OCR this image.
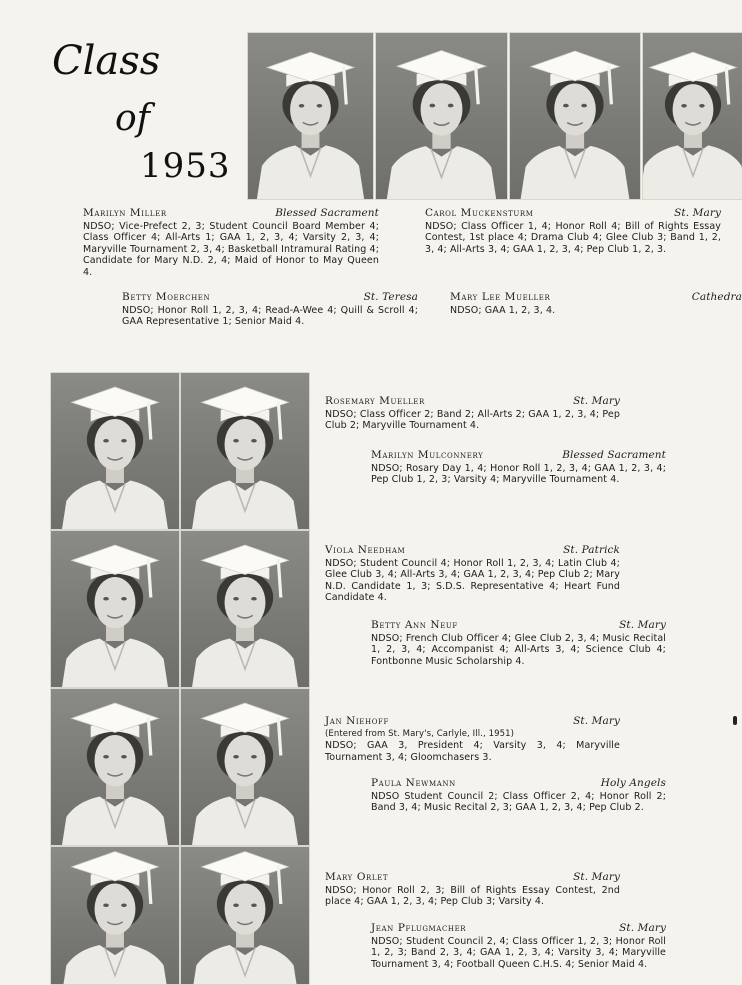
Class
of
1953
Marilyn Miller	Blessed Sacrament
NDSO; Vice-Prefect 2, 3; Student Council Board Member 4; Class Officer 4; All-Arts 1; GAA 1, 2, 3, 4; Varsity 2, 3, 4; Maryville Tournament 2, 3, 4; Basketball Intramural Rating 4; Candidate for Mary N.D. 2, 4; Maid of Honor to May Queen 4.
Carol Muckensturm	St. Mary
NDSO; Class Officer 1, 4; Honor Roll 4; Bill of Rights Essay Contest, 1st place 4; Drama Club 4; Glee Club 3; Band 1, 2, 3, 4; All-Arts 3, 4; GAA 1, 2, 3, 4; Pep Club 1, 2, 3.
Betty Moerchen	St. Teresa
NDSO; Honor Roll 1, 2, 3, 4; Read-A-Wee 4; Quill & Scroll 4; GAA Representative 1; Senior Maid 4.
Mary Lee Mueller	Cathedra
NDSO; GAA 1, 2, 3, 4.
Rosemary Mueller	St. Mary
NDSO; Class Officer 2; Band 2; All-Arts 2; GAA 1, 2, 3, 4; Pep Club 2; Maryville Tournament 4.
Marilyn Mulconnery	Blessed Sacrament
NDSO; Rosary Day 1, 4; Honor Roll 1, 2, 3, 4; GAA 1, 2, 3, 4; Pep Club 1, 2, 3; Varsity 4; Maryville Tournament 4.
Viola Needham	St. Patrick
NDSO; Student Council 4; Honor Roll 1, 2, 3, 4; Latin Club 4; Glee Club 3, 4; All-Arts 3, 4; GAA 1, 2, 3, 4; Pep Club 2; Mary N.D. Candidate 1, 3; S.D.S. Representative 4; Heart Fund Candidate 4.
Betty Ann Neuf	St. Mary
NDSO; French Club Officer 4; Glee Club 2, 3, 4; Music Recital 1, 2, 3, 4; Accompanist 4; All-Arts 3, 4; Science Club 4; Fontbonne Music Scholarship 4.
Jan Niehoff	St. Mary
(Entered from St. Mary's, Carlyle, Ill., 1951)
NDSO; GAA 3, President 4; Varsity 3, 4; Maryville Tournament 3, 4; Gloomchasers 3.
Paula Newmann	Holy Angels
NDSO Student Council 2; Class Officer 2, 4; Honor Roll 2; Band 3, 4; Music Recital 2, 3; GAA 1, 2, 3, 4; Pep Club 2.
Mary Orlet	St. Mary
NDSO; Honor Roll 2, 3; Bill of Rights Essay Contest, 2nd place 4; GAA 1, 2, 3, 4; Pep Club 3; Varsity 4.
Jean Pflugmacher	St. Mary
NDSO; Student Council 2, 4; Class Officer 1, 2, 3; Honor Roll 1, 2, 3; Band 2, 3, 4; GAA 1, 2, 3, 4; Varsity 3, 4; Maryville Tournament 3, 4; Football Queen C.H.S. 4; Senior Maid 4.
